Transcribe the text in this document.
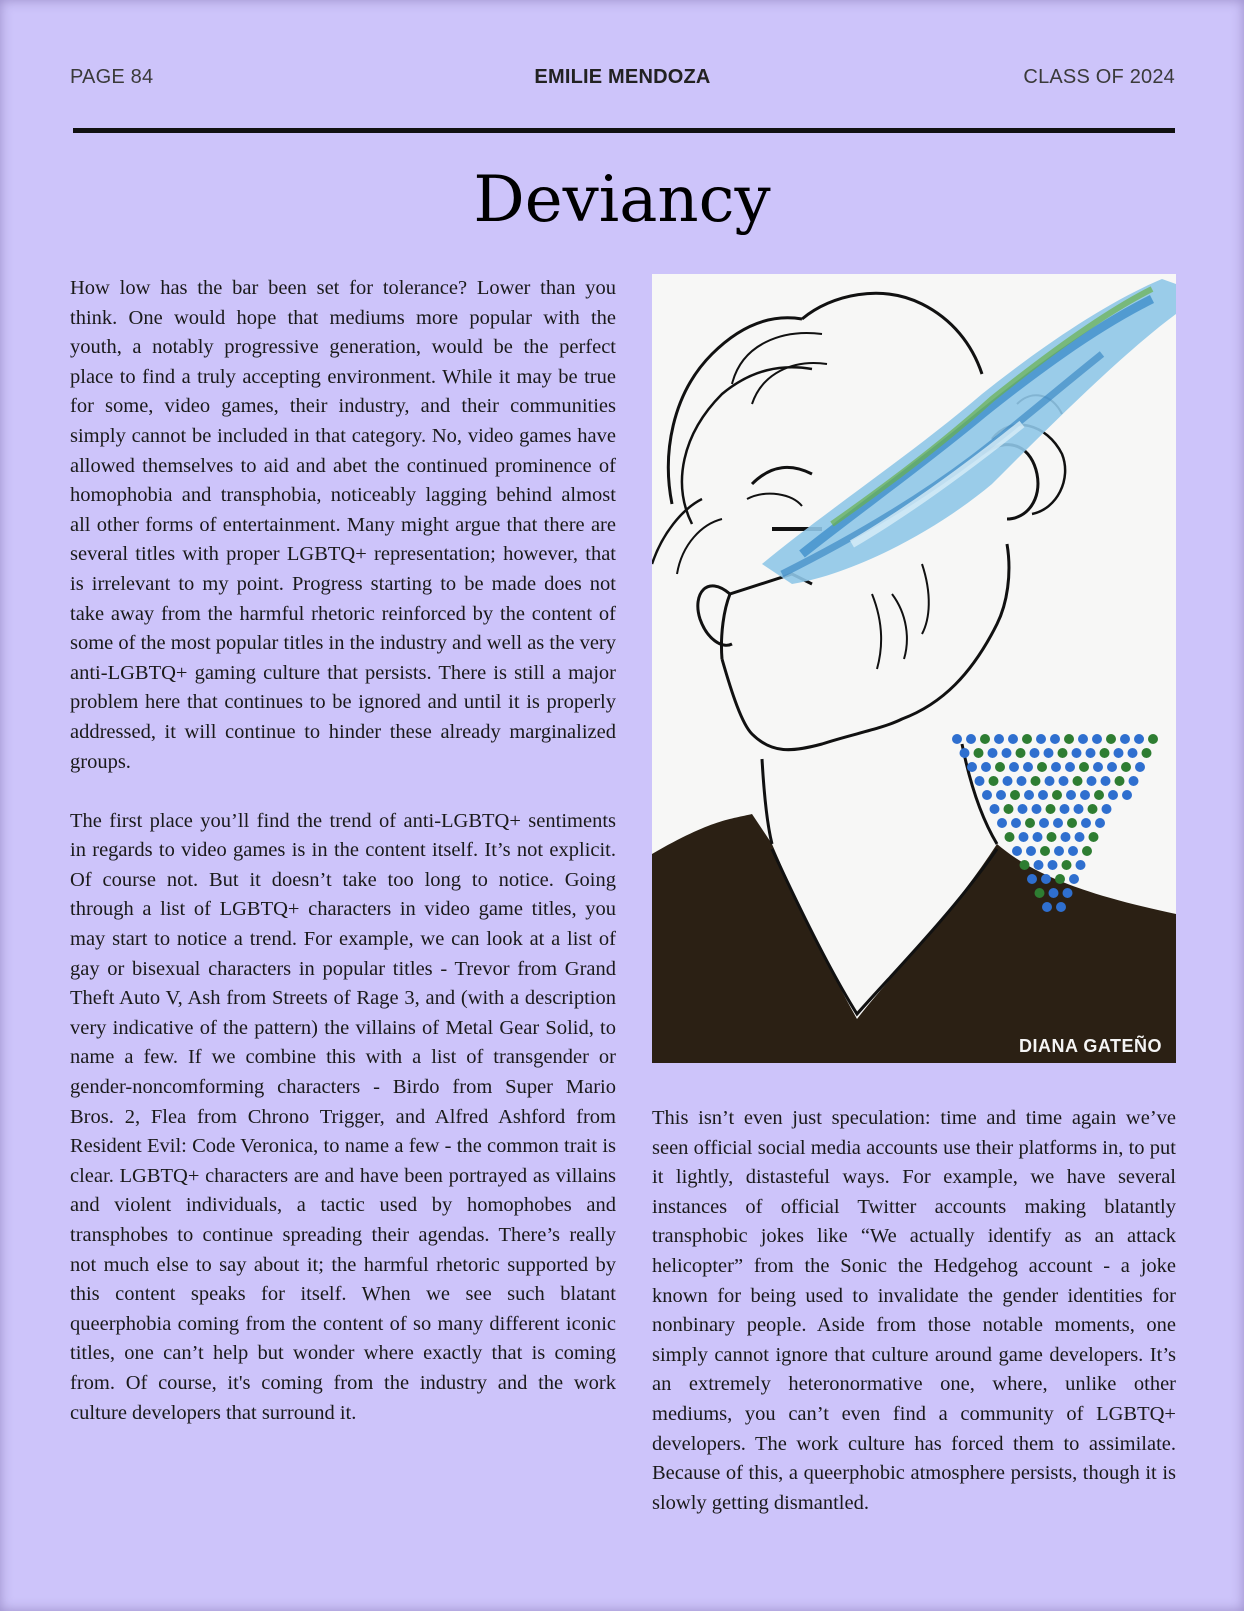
PAGE 84	EMILIE MENDOZA	CLASS OF 2024
Deviancy

How low has the bar been set for tolerance? Lower than you think. One would hope that mediums more popular with the youth, a notably progressive generation, would be the perfect place to find a truly accepting environment. While it may be true for some, video games, their industry, and their communities simply cannot be included in that category. No, video games have allowed themselves to aid and abet the continued prominence of homophobia and transphobia, noticeably lagging behind almost all other forms of entertainment. Many might argue that there are several titles with proper LGBTQ+ representation; however, that is irrelevant to my point. Progress starting to be made does not take away from the harmful rhetoric reinforced by the content of some of the most popular titles in the industry and well as the very anti-LGBTQ+ gaming culture that persists. There is still a major problem here that continues to be ignored and until it is properly addressed, it will continue to hinder these already marginalized groups.

The first place you’ll find the trend of anti-LGBTQ+ sentiments in regards to video games is in the content itself. It’s not explicit. Of course not. But it doesn’t take too long to notice. Going through a list of LGBTQ+ characters in video game titles, you may start to notice a trend. For example, we can look at a list of gay or bisexual characters in popular titles - Trevor from Grand Theft Auto V, Ash from Streets of Rage 3, and (with a description very indicative of the pattern) the villains of Metal Gear Solid, to name a few. If we combine this with a list of transgender or gender-noncomforming characters - Birdo from Super Mario Bros. 2, Flea from Chrono Trigger, and Alfred Ashford from Resident Evil: Code Veronica, to name a few - the common trait is clear. LGBTQ+ characters are and have been portrayed as villains and violent individuals, a tactic used by homophobes and transphobes to continue spreading their agendas. There’s really not much else to say about it; the harmful rhetoric supported by this content speaks for itself. When we see such blatant queerphobia coming from the content of so many different iconic titles, one can’t help but wonder where exactly that is coming from. Of course, it's coming from the industry and the work culture developers that surround it.

DIANA GATEÑO

This isn’t even just speculation: time and time again we’ve seen official social media accounts use their platforms in, to put it lightly, distasteful ways. For example, we have several instances of official Twitter accounts making blatantly transphobic jokes like “We actually identify as an attack helicopter” from the Sonic the Hedgehog account - a joke known for being used to invalidate the gender identities for nonbinary people. Aside from those notable moments, one simply cannot ignore that culture around game developers. It’s an extremely heteronormative one, where, unlike other mediums, you can’t even find a community of LGBTQ+ developers. The work culture has forced them to assimilate. Because of this, a queerphobic atmosphere persists, though it is slowly getting dismantled.
